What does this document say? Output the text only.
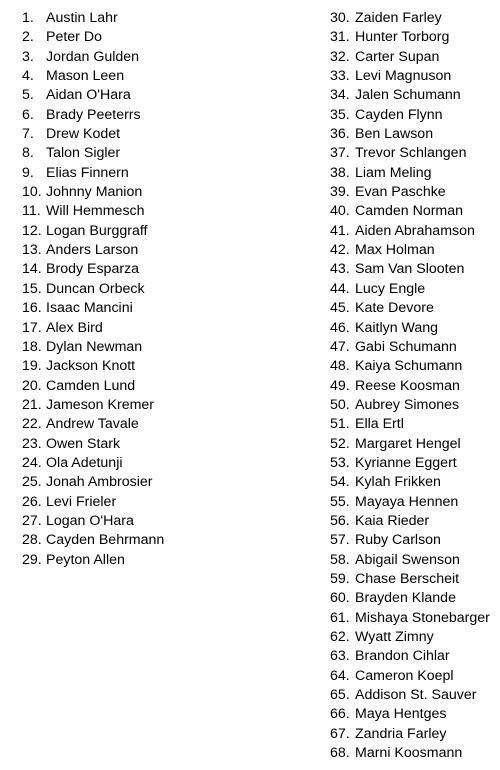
1. Austin Lahr
2. Peter Do
3. Jordan Gulden
4. Mason Leen
5. Aidan O'Hara
6. Brady Peeterrs
7. Drew Kodet
8. Talon Sigler
9. Elias Finnern
10. Johnny Manion
11. Will Hemmesch
12. Logan Burggraff
13. Anders Larson
14. Brody Esparza
15. Duncan Orbeck
16. Isaac Mancini
17. Alex Bird
18. Dylan Newman
19. Jackson Knott
20. Camden Lund
21. Jameson Kremer
22. Andrew Tavale
23. Owen Stark
24. Ola Adetunji
25. Jonah Ambrosier
26. Levi Frieler
27. Logan O'Hara
28. Cayden Behrmann
29. Peyton Allen
30. Zaiden Farley
31. Hunter Torborg
32. Carter Supan
33. Levi Magnuson
34. Jalen Schumann
35. Cayden Flynn
36. Ben Lawson
37. Trevor Schlangen
38. Liam Meling
39. Evan Paschke
40. Camden Norman
41. Aiden Abrahamson
42. Max Holman
43. Sam Van Slooten
44. Lucy Engle
45. Kate Devore
46. Kaitlyn Wang
47. Gabi Schumann
48. Kaiya Schumann
49. Reese Koosman
50. Aubrey Simones
51. Ella Ertl
52. Margaret Hengel
53. Kyrianne Eggert
54. Kylah Frikken
55. Mayaya Hennen
56. Kaia Rieder
57. Ruby Carlson
58. Abigail Swenson
59. Chase Berscheit
60. Brayden Klande
61. Mishaya Stonebarger
62. Wyatt Zimny
63. Brandon Cihlar
64. Cameron Koepl
65. Addison St. Sauver
66. Maya Hentges
67. Zandria Farley
68. Marni Koosmann
